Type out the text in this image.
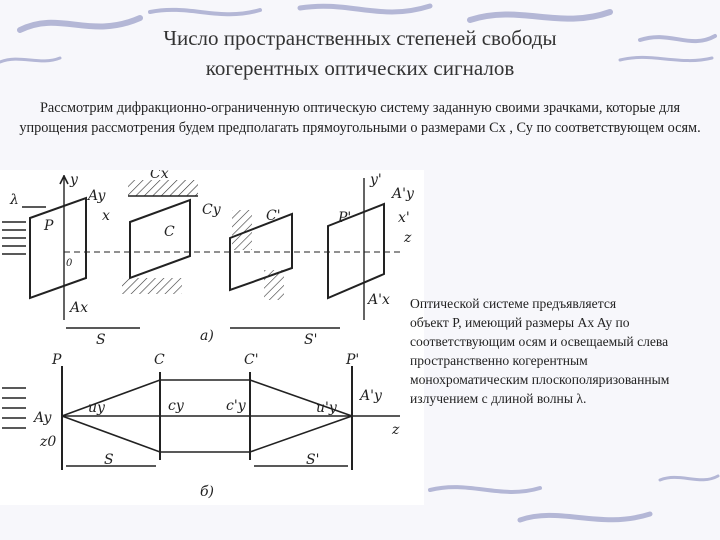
Число пространственных степеней свободы
когерентных оптических сигналов
Рассмотрим дифракционно-ограниченную оптическую систему заданную своими зрачками, которые для упрощения рассмотрения будем предполагать прямоугольными о размерами Сх , Су по соответствующем осям.
λ
y
x
P
Ay
0
Ax
Cx
Cy
C
C'
y'
x'
z
P'
A'y
A'x
S	S'
a)
P	C	C'	P'
Ay
z0
uy	cy	c'y	u'y
A'y
z
S	S'
б)
Оптической системе предъявляется
объект P, имеющий размеры Ax Ay по
соответствующим осям и освещаемый слева
пространственно когерентным
монохроматическим плоскополяризованным
излучением с длиной волны λ.
